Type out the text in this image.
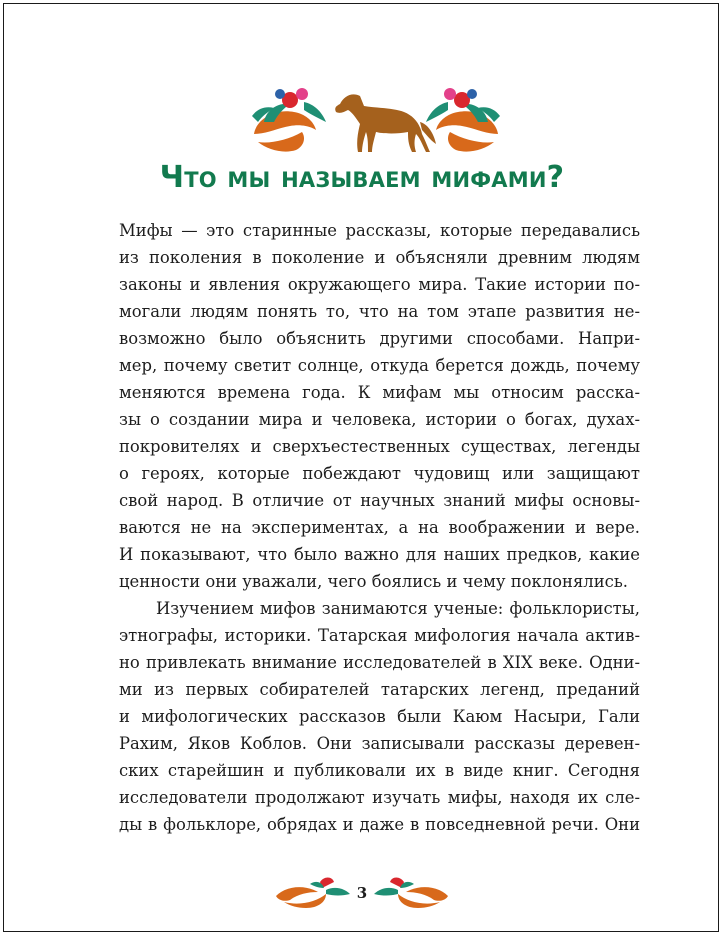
Что мы называем мифами?

Мифы — это старинные рассказы, которые передавались
из поколения в поколение и объясняли древним людям
законы и явления окружающего мира. Такие истории по-
могали людям понять то, что на том этапе развития не-
возможно было объяснить другими способами. Напри-
мер, почему светит солнце, откуда берется дождь, почему
меняются времена года. К мифам мы относим расска-
зы о создании мира и человека, истории о богах, духах-
покровителях и сверхъестественных существах, легенды
о героях, которые побеждают чудовищ или защищают
свой народ. В отличие от научных знаний мифы основы-
ваются не на экспериментах, а на воображении и вере.
И показывают, что было важно для наших предков, какие
ценности они уважали, чего боялись и чему поклонялись.

Изучением мифов занимаются ученые: фольклористы,
этнографы, историки. Татарская мифология начала актив-
но привлекать внимание исследователей в XIX веке. Одни-
ми из первых собирателей татарских легенд, преданий
и мифологических рассказов были Каюм Насыри, Гали
Рахим, Яков Коблов. Они записывали рассказы деревен-
ских старейшин и публиковали их в виде книг. Сегодня
исследователи продолжают изучать мифы, находя их сле-
ды в фольклоре, обрядах и даже в повседневной речи. Они

3
